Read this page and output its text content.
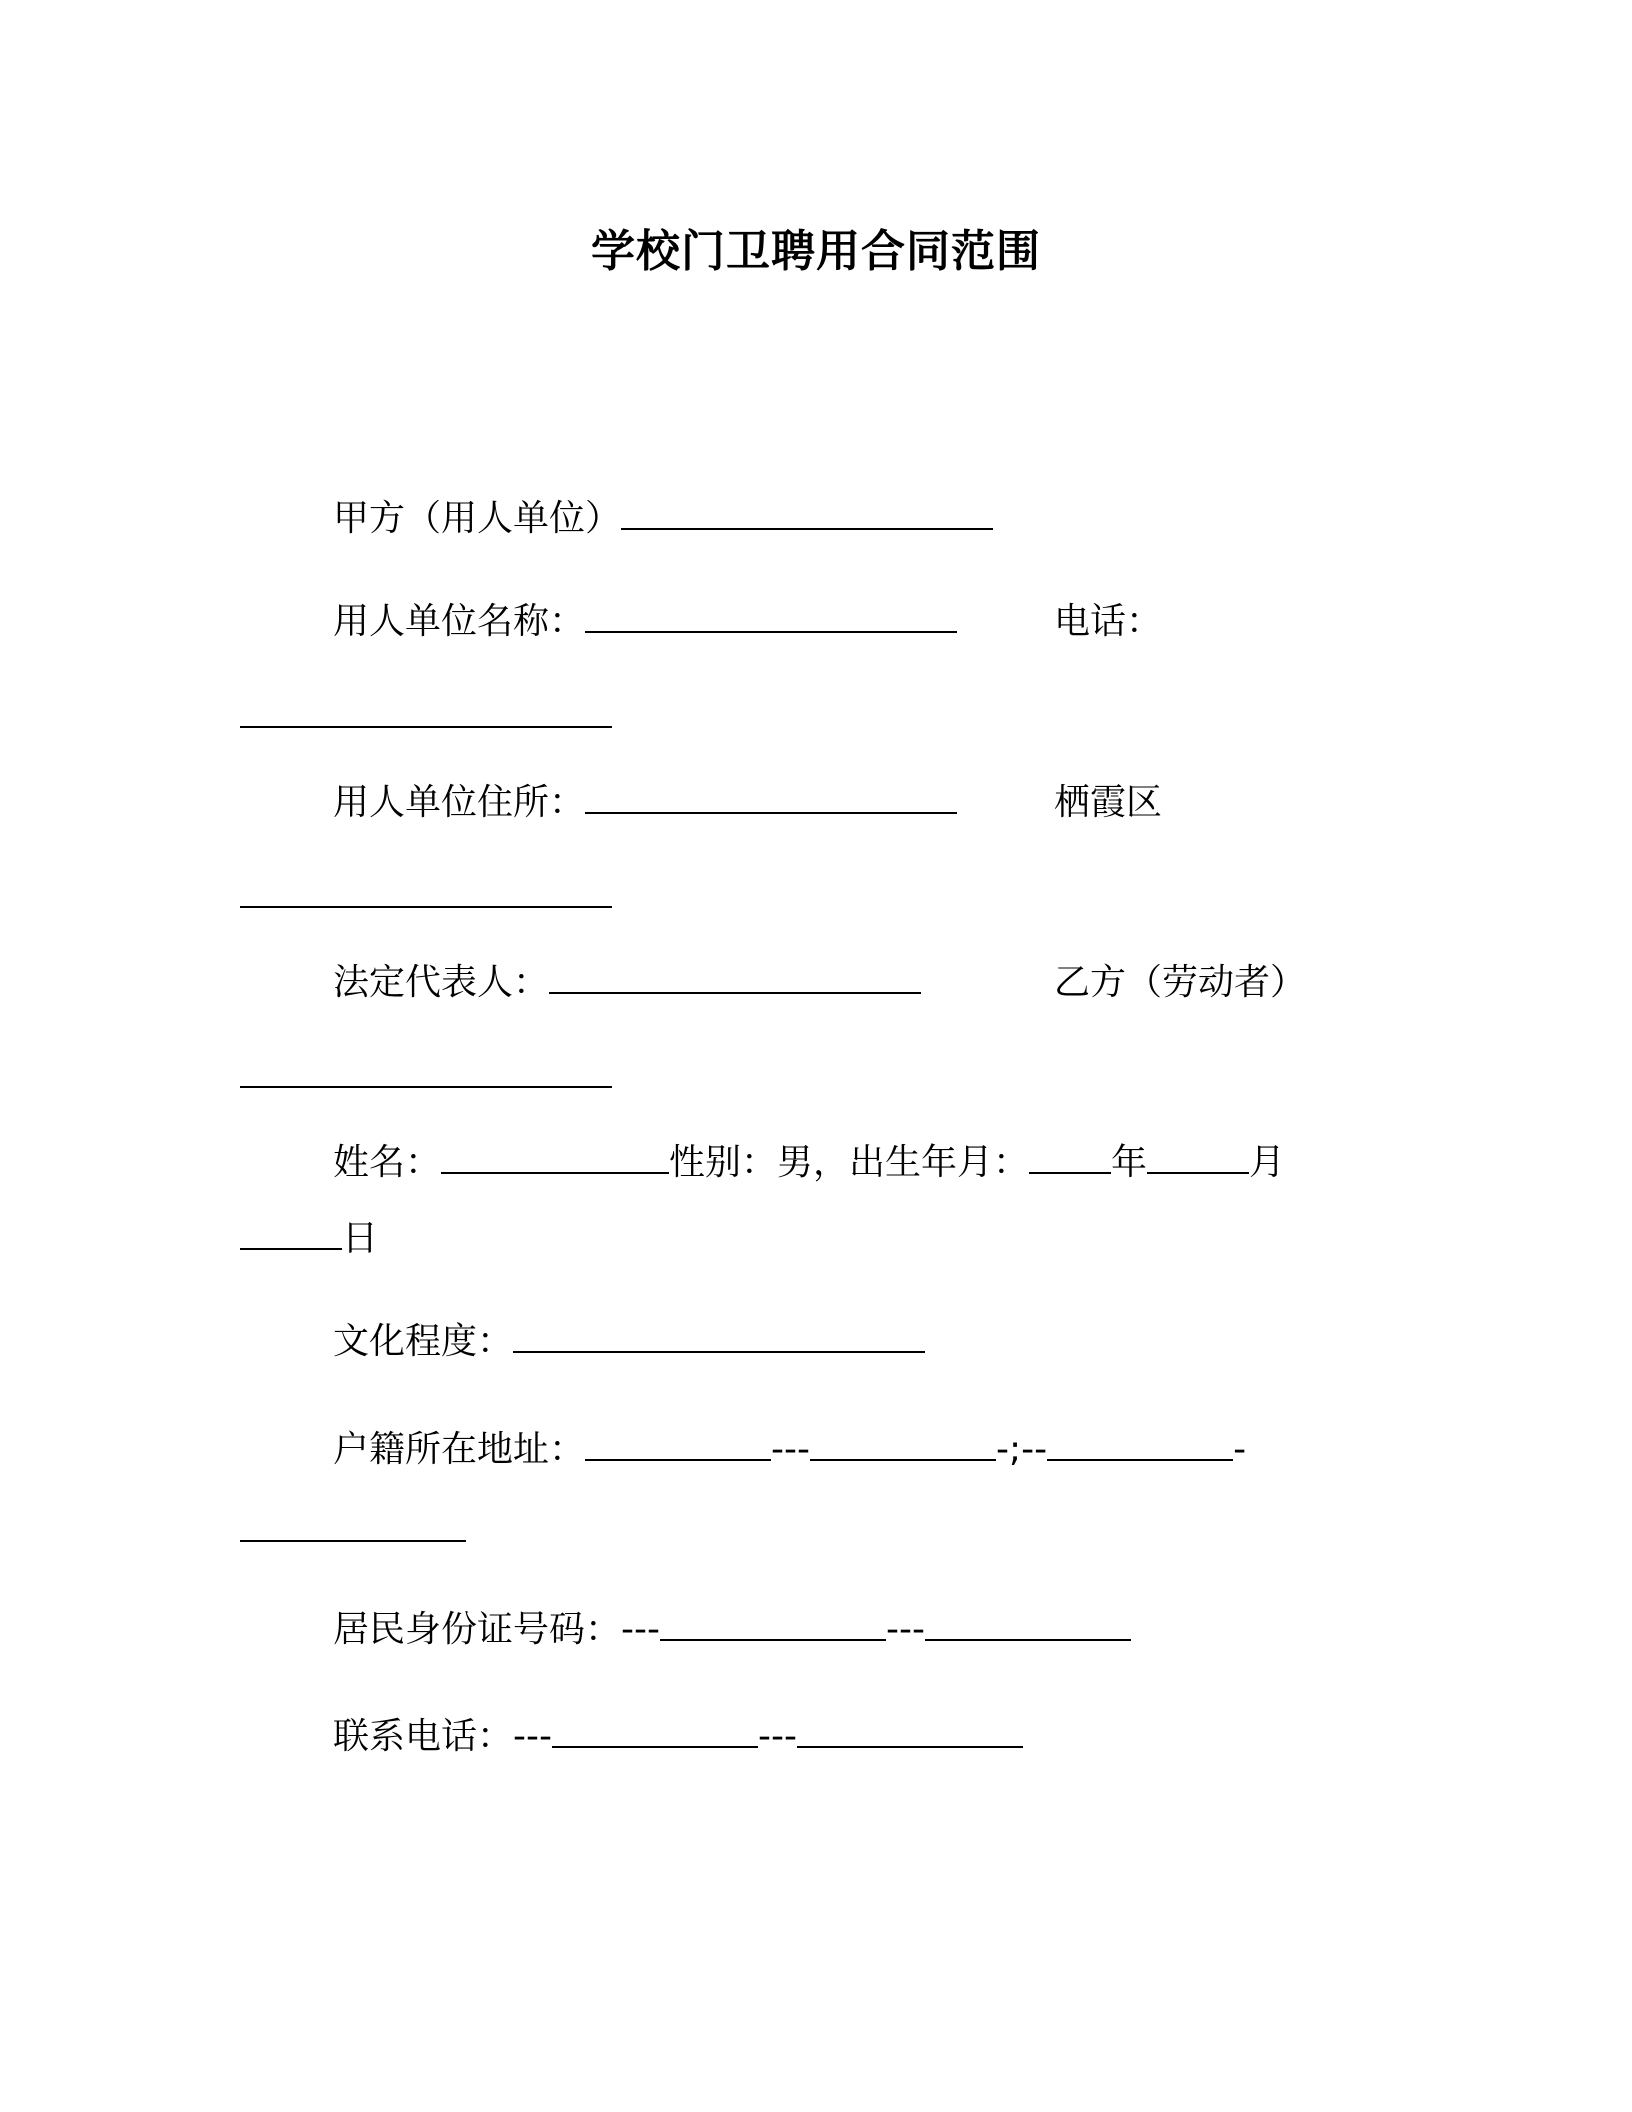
学校门卫聘用合同范围
甲方（用人单位）
用人单位名称：	电话：
用人单位住所：	栖霞区
法定代表人：	乙方（劳动者）
姓名：	性别：男，出生年月： 年	月
日
文化程度：
户籍所在地址：	---	-;--	-
居民身份证号码：---	---
联系电话：---	---
